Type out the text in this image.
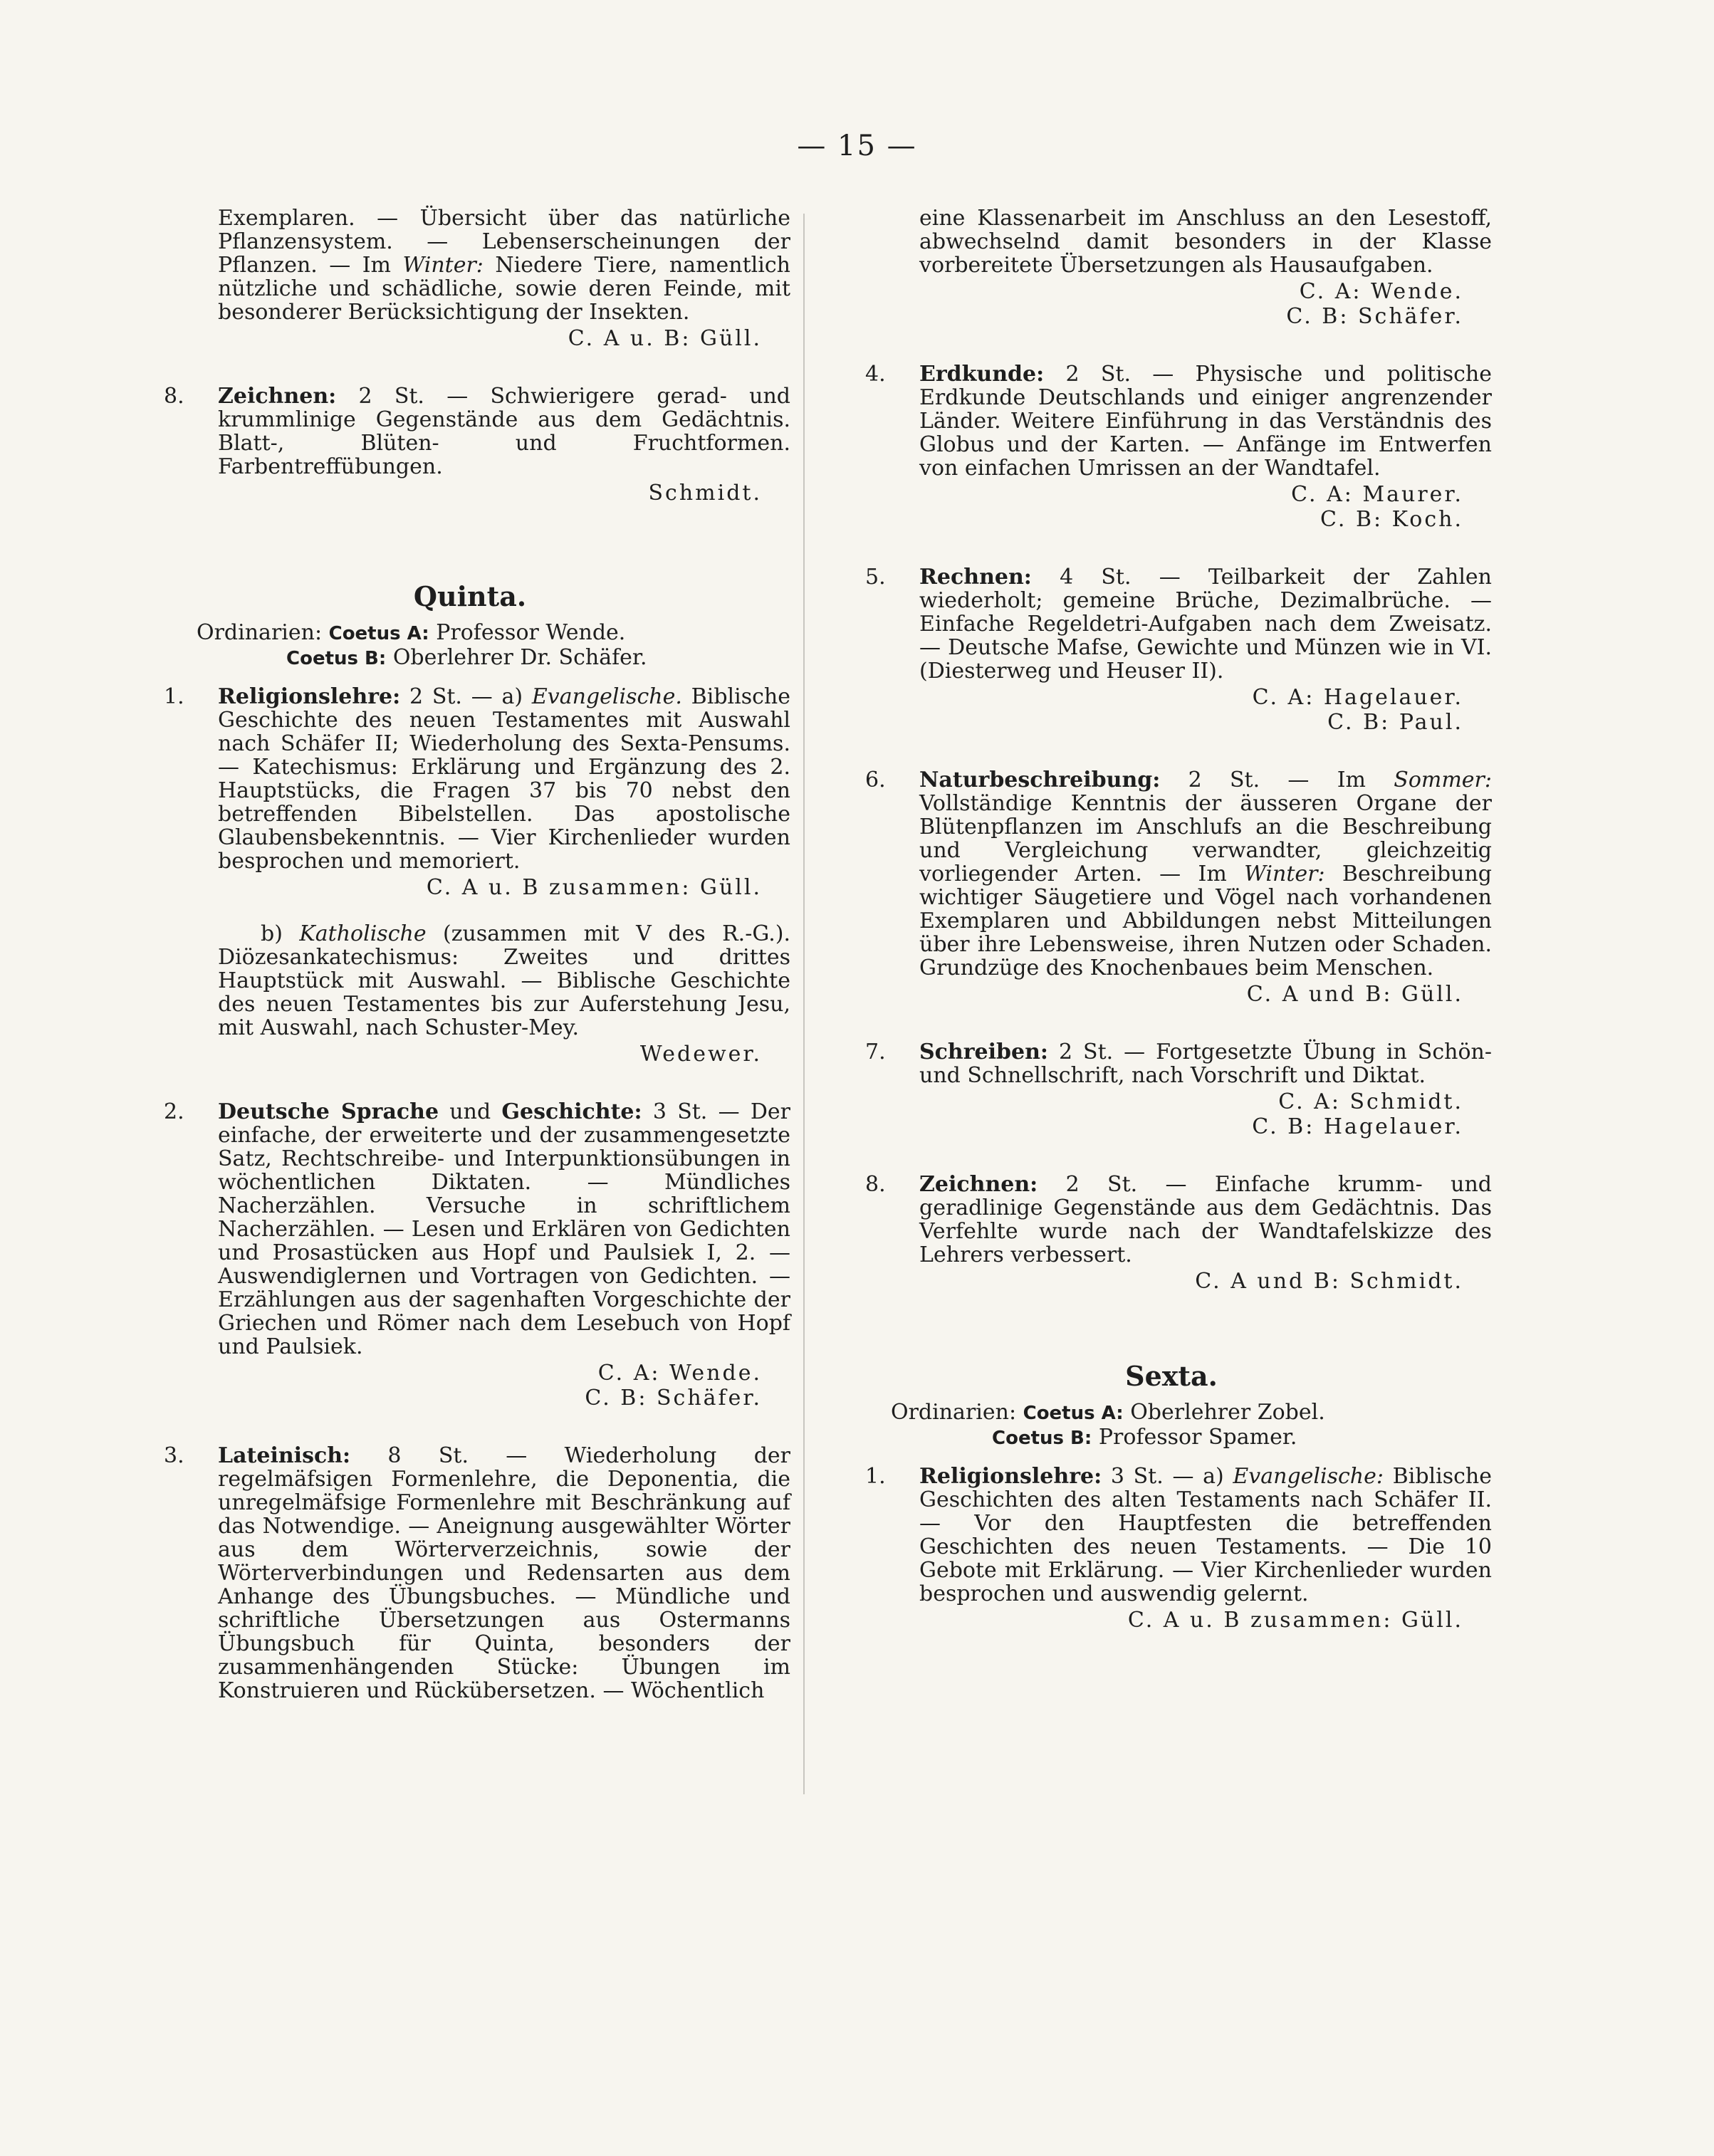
— 15 —

Exemplaren. — Übersicht über das natürliche Pflanzensystem. — Lebenserscheinungen der Pflanzen. — Im Winter: Niedere Tiere, namentlich nützliche und schädliche, sowie deren Feinde, mit besonderer Berücksichtigung der Insekten.

C. A u. B: Güll.
8. Zeichnen: 2 St. — Schwierigere gerad- und krummlinige Gegenstände aus dem Gedächtnis. Blatt-, Blüten- und Fruchtformen. Farbentreffübungen.

Schmidt.
Quinta.
Ordinarien: Coetus A: Professor Wende.
Coetus B: Oberlehrer Dr. Schäfer.
1. Religionslehre: 2 St. — a) Evangelische. Biblische Geschichte des neuen Testamentes mit Auswahl nach Schäfer II; Wiederholung des Sexta-Pensums. — Katechismus: Erklärung und Ergänzung des 2. Hauptstücks, die Fragen 37 bis 70 nebst den betreffenden Bibelstellen. Das apostolische Glaubensbekenntnis. — Vier Kirchenlieder wurden besprochen und memoriert.

C. A u. B zusammen: Güll.

b) Katholische (zusammen mit V des R.-G.). Diözesankatechismus: Zweites und drittes Hauptstück mit Auswahl. — Biblische Geschichte des neuen Testamentes bis zur Auferstehung Jesu, mit Auswahl, nach Schuster-Mey.

Wedewer.
2. Deutsche Sprache und Geschichte: 3 St. — Der einfache, der erweiterte und der zusammengesetzte Satz, Rechtschreibe- und Interpunktionsübungen in wöchentlichen Diktaten. — Mündliches Nacherzählen. Versuche in schriftlichem Nacherzählen. — Lesen und Erklären von Gedichten und Prosastücken aus Hopf und Paulsiek I, 2. — Auswendiglernen und Vortragen von Gedichten. — Erzählungen aus der sagenhaften Vorgeschichte der Griechen und Römer nach dem Lesebuch von Hopf und Paulsiek.

C. A: Wende.
C. B: Schäfer.
3. Lateinisch: 8 St. — Wiederholung der regelmäfsigen Formenlehre, die Deponentia, die unregelmäfsige Formenlehre mit Beschränkung auf das Notwendige. — Aneignung ausgewählter Wörter aus dem Wörterverzeichnis, sowie der Wörterverbindungen und Redensarten aus dem Anhange des Übungsbuches. — Mündliche und schriftliche Übersetzungen aus Ostermanns Übungsbuch für Quinta, besonders der zusammenhängenden Stücke: Übungen im Konstruieren und Rückübersetzen. — Wöchentlich

eine Klassenarbeit im Anschluss an den Lesestoff, abwechselnd damit besonders in der Klasse vorbereitete Übersetzungen als Hausaufgaben.

C. A: Wende.
C. B: Schäfer.
4. Erdkunde: 2 St. — Physische und politische Erdkunde Deutschlands und einiger angrenzender Länder. Weitere Einführung in das Verständnis des Globus und der Karten. — Anfänge im Entwerfen von einfachen Umrissen an der Wandtafel.

C. A: Maurer.
C. B: Koch.
5. Rechnen: 4 St. — Teilbarkeit der Zahlen wiederholt; gemeine Brüche, Dezimalbrüche. — Einfache Regeldetri-Aufgaben nach dem Zweisatz. — Deutsche Mafse, Gewichte und Münzen wie in VI. (Diesterweg und Heuser II).

C. A: Hagelauer.
C. B: Paul.
6. Naturbeschreibung: 2 St. — Im Sommer: Vollständige Kenntnis der äusseren Organe der Blütenpflanzen im Anschlufs an die Beschreibung und Vergleichung verwandter, gleichzeitig vorliegender Arten. — Im Winter: Beschreibung wichtiger Säugetiere und Vögel nach vorhandenen Exemplaren und Abbildungen nebst Mitteilungen über ihre Lebensweise, ihren Nutzen oder Schaden. Grundzüge des Knochenbaues beim Menschen.

C. A und B: Güll.
7. Schreiben: 2 St. — Fortgesetzte Übung in Schön- und Schnellschrift, nach Vorschrift und Diktat.

C. A: Schmidt.
C. B: Hagelauer.
8. Zeichnen: 2 St. — Einfache krumm- und geradlinige Gegenstände aus dem Gedächtnis. Das Verfehlte wurde nach der Wandtafelskizze des Lehrers verbessert.

C. A und B: Schmidt.
Sexta.
Ordinarien: Coetus A: Oberlehrer Zobel.
Coetus B: Professor Spamer.
1. Religionslehre: 3 St. — a) Evangelische: Biblische Geschichten des alten Testaments nach Schäfer II. — Vor den Hauptfesten die betreffenden Geschichten des neuen Testaments. — Die 10 Gebote mit Erklärung. — Vier Kirchenlieder wurden besprochen und auswendig gelernt.

C. A u. B zusammen: Güll.
